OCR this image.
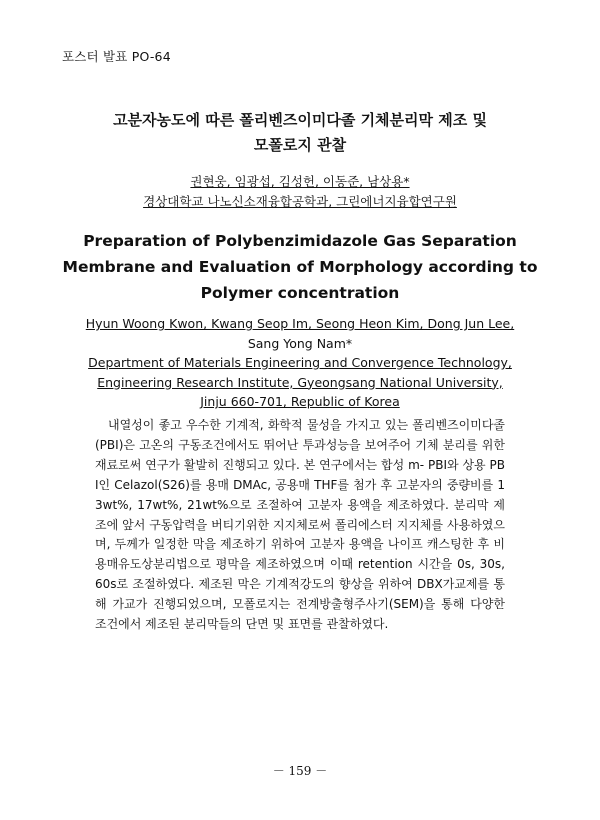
포스터 발표 PO-64
고분자농도에 따른 폴리벤즈이미다졸 기체분리막 제조 및
모폴로지 관찰
권현웅, 임광섭, 김성헌, 이동준, 남상용*
경상대학교 나노신소재융합공학과, 그린에너지융합연구원
Preparation of Polybenzimidazole Gas Separation
Membrane and Evaluation of Morphology according to
Polymer concentration
Hyun Woong Kwon, Kwang Seop Im, Seong Heon Kim, Dong Jun Lee,
Sang Yong Nam*
Department of Materials Engineering and Convergence Technology,
Engineering Research Institute, Gyeongsang National University,
Jinju 660-701, Republic of Korea

내열성이 좋고 우수한 기계적, 화학적 물성을 가지고 있는 폴리벤즈이미다졸(PBI)은 고온의 구동조건에서도 뛰어난 투과성능을 보여주어 기체 분리를 위한 재료로써 연구가 활발히 진행되고 있다. 본 연구에서는 합성 m- PBI와 상용 PBI인 Celazol(S26)를 용매 DMAc, 공용매 THF를 첨가 후 고분자의 중량비를 13wt%, 17wt%, 21wt%으로 조절하여 고분자 용액을 제조하였다. 분리막 제조에 앞서 구동압력을 버티기위한 지지체로써 폴리에스터 지지체를 사용하였으며, 두께가 일정한 막을 제조하기 위하여 고분자 용액을 나이프 캐스팅한 후 비용매유도상분리법으로 평막을 제조하였으며 이때 retention 시간을 0s, 30s, 60s로 조절하였다. 제조된 막은 기계적강도의 향상을 위하여 DBX가교제를 통해 가교가 진행되었으며, 모폴로지는 전계방출형주사기(SEM)을 통해 다양한 조건에서 제조된 분리막들의 단면 및 표면를 관찰하였다.

－ 159 －
